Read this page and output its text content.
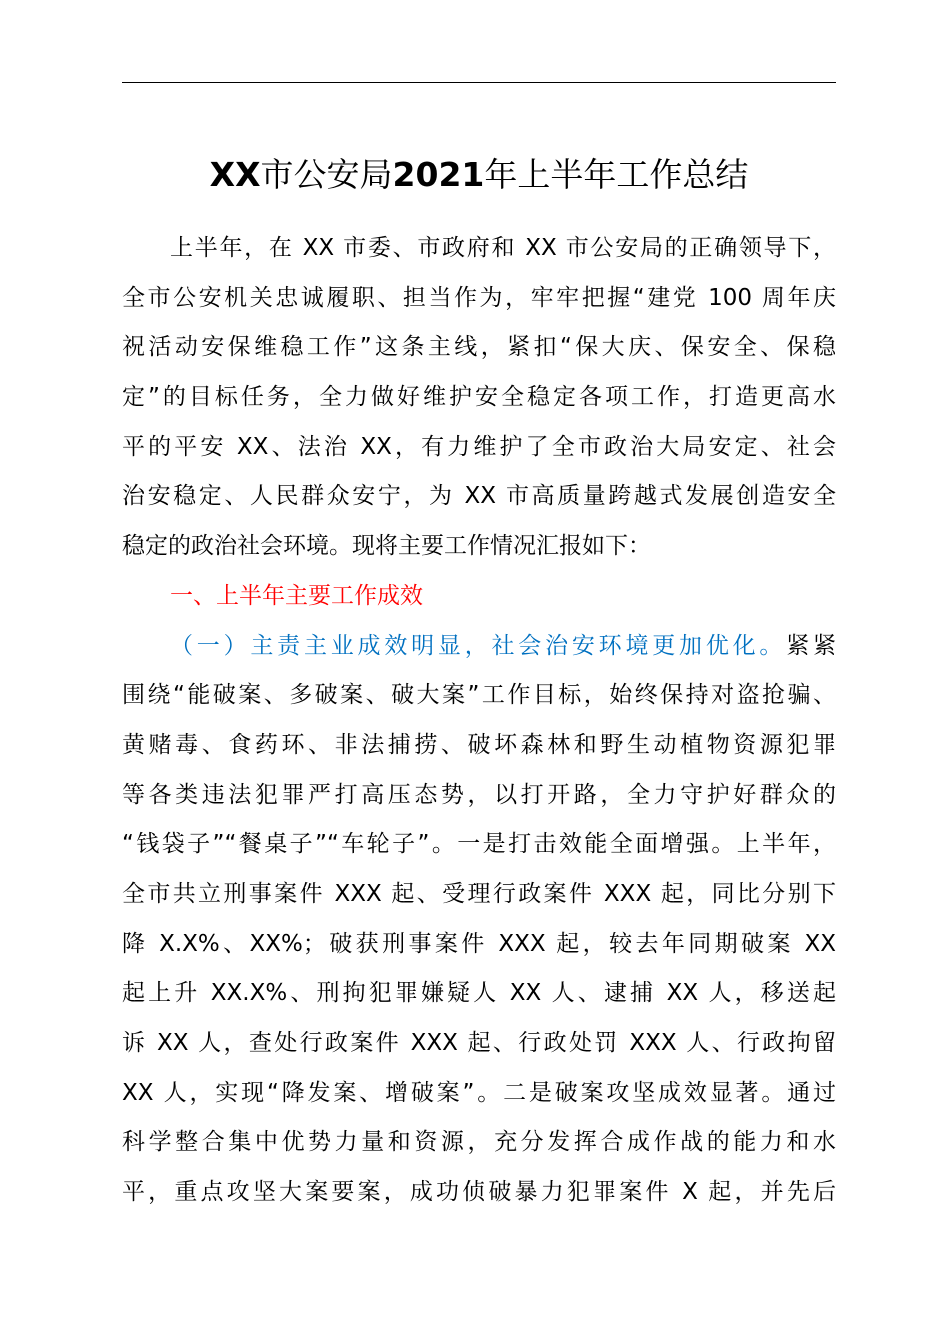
XX市公安局2021年上半年工作总结
上半年，在 XX 市委、市政府和 XX 市公安局的正确领导下，
全市公安机关忠诚履职、担当作为，牢牢把握“建党 100 周年庆
祝活动安保维稳工作”这条主线，紧扣“保大庆、保安全、保稳
定”的目标任务，全力做好维护安全稳定各项工作，打造更高水
平的平安 XX、法治 XX，有力维护了全市政治大局安定、社会
治安稳定、人民群众安宁，为 XX 市高质量跨越式发展创造安全
稳定的政治社会环境。现将主要工作情况汇报如下：
一、上半年主要工作成效
（一）主责主业成效明显，社会治安环境更加优化。紧紧
围绕“能破案、多破案、破大案”工作目标，始终保持对盗抢骗、
黄赌毒、食药环、非法捕捞、破坏森林和野生动植物资源犯罪
等各类违法犯罪严打高压态势，以打开路，全力守护好群众的
“钱袋子”“餐桌子”“车轮子”。一是打击效能全面增强。上半年，
全市共立刑事案件 XXX 起、受理行政案件 XXX 起，同比分别下
降 X.X%、XX%；破获刑事案件 XXX 起，较去年同期破案 XX
起上升 XX.X%、刑拘犯罪嫌疑人 XX 人、逮捕 XX 人，移送起
诉 XX 人，查处行政案件 XXX 起、行政处罚 XXX 人、行政拘留
XX 人，实现“降发案、增破案”。二是破案攻坚成效显著。通过
科学整合集中优势力量和资源，充分发挥合成作战的能力和水
平，重点攻坚大案要案，成功侦破暴力犯罪案件 X 起，并先后
